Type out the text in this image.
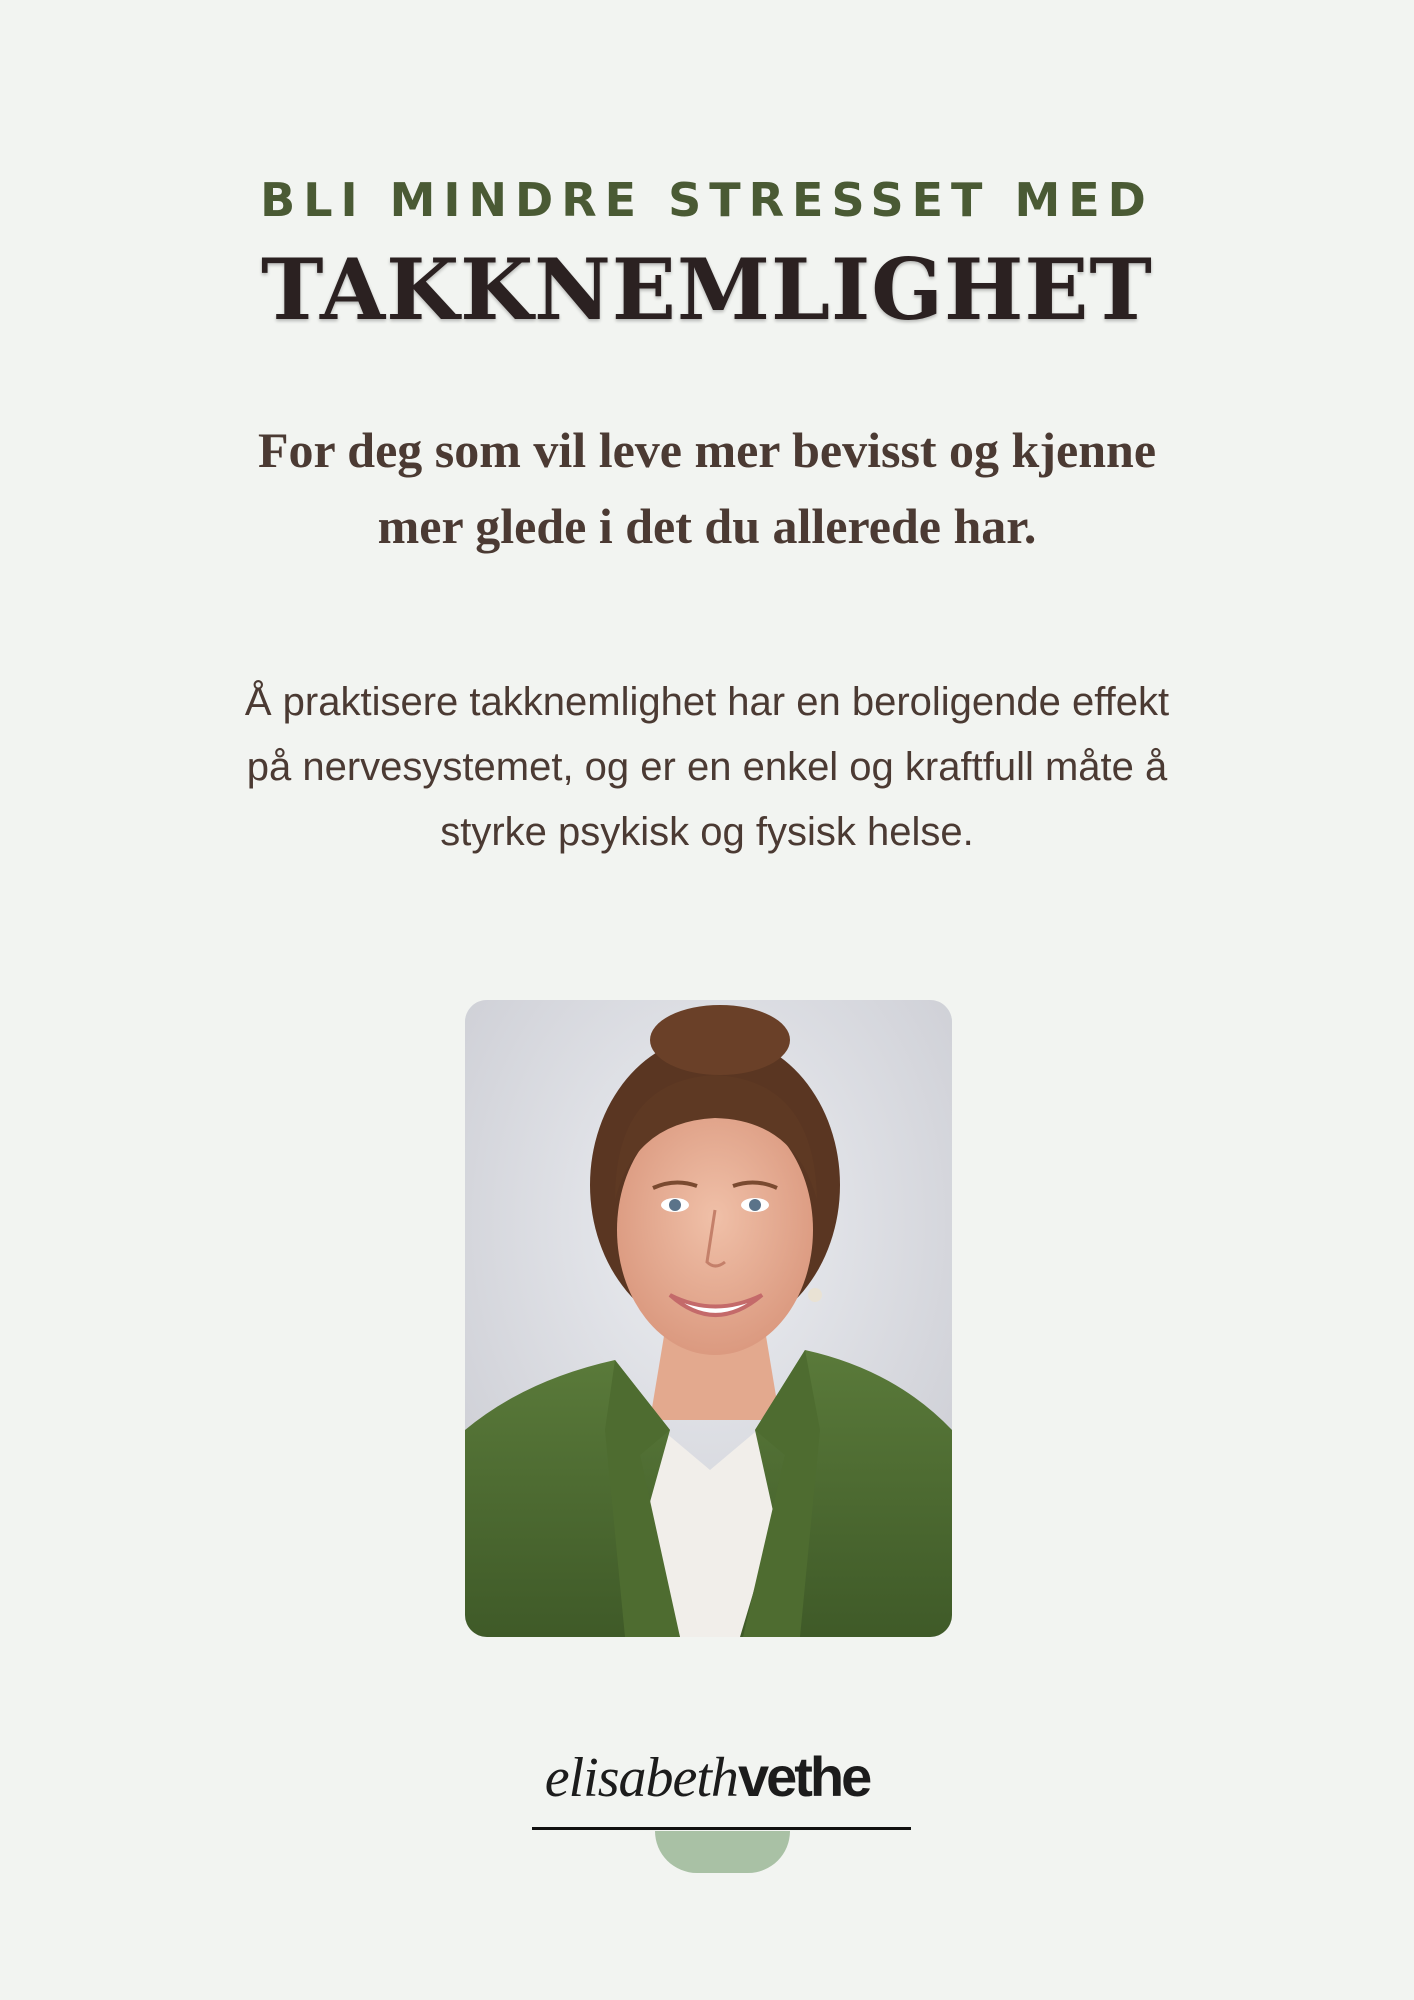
BLI MINDRE STRESSET MED

TAKKNEMLIGHET

For deg som vil leve mer bevisst og kjenne
mer glede i det du allerede har.

Å praktisere takknemlighet har en beroligende effekt
på nervesystemet, og er en enkel og kraftfull måte å
styrke psykisk og fysisk helse.

elisabethvethe
